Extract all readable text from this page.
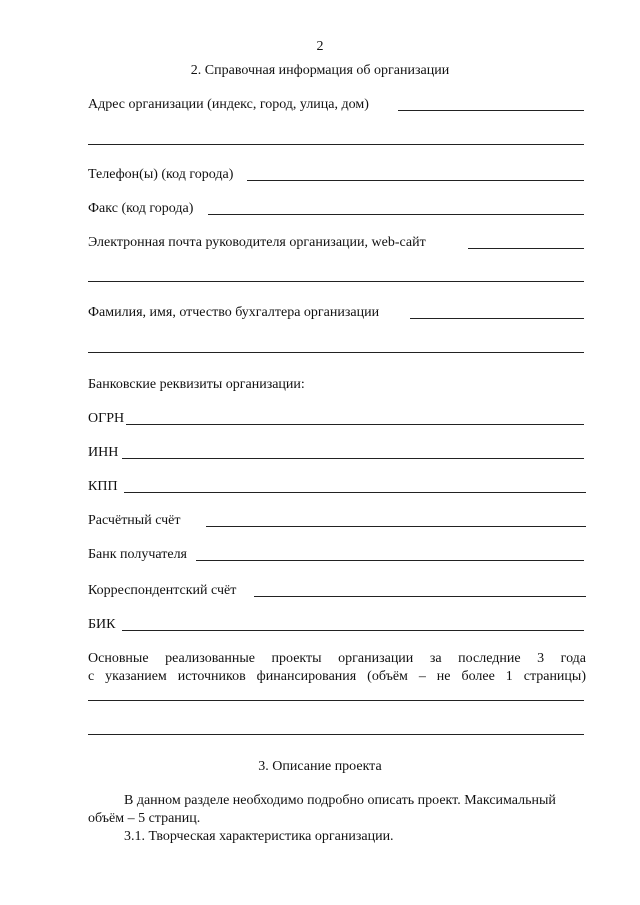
2
2. Справочная информация об организации
Адрес организации (индекс, город, улица, дом)
Телефон(ы) (код города)
Факс (код города)
Электронная почта руководителя организации, web-сайт
Фамилия, имя, отчество бухгалтера организации
Банковские реквизиты организации:
ОГРН
ИНН
КПП
Расчётный счёт
Банк получателя
Корреспондентский счёт
БИК
Основные реализованные проекты организации за последние 3 года
с указанием источников финансирования (объём – не более 1 страницы)
3. Описание проекта
В данном разделе необходимо подробно описать проект. Максимальный
объём – 5 страниц.
3.1. Творческая характеристика организации.
